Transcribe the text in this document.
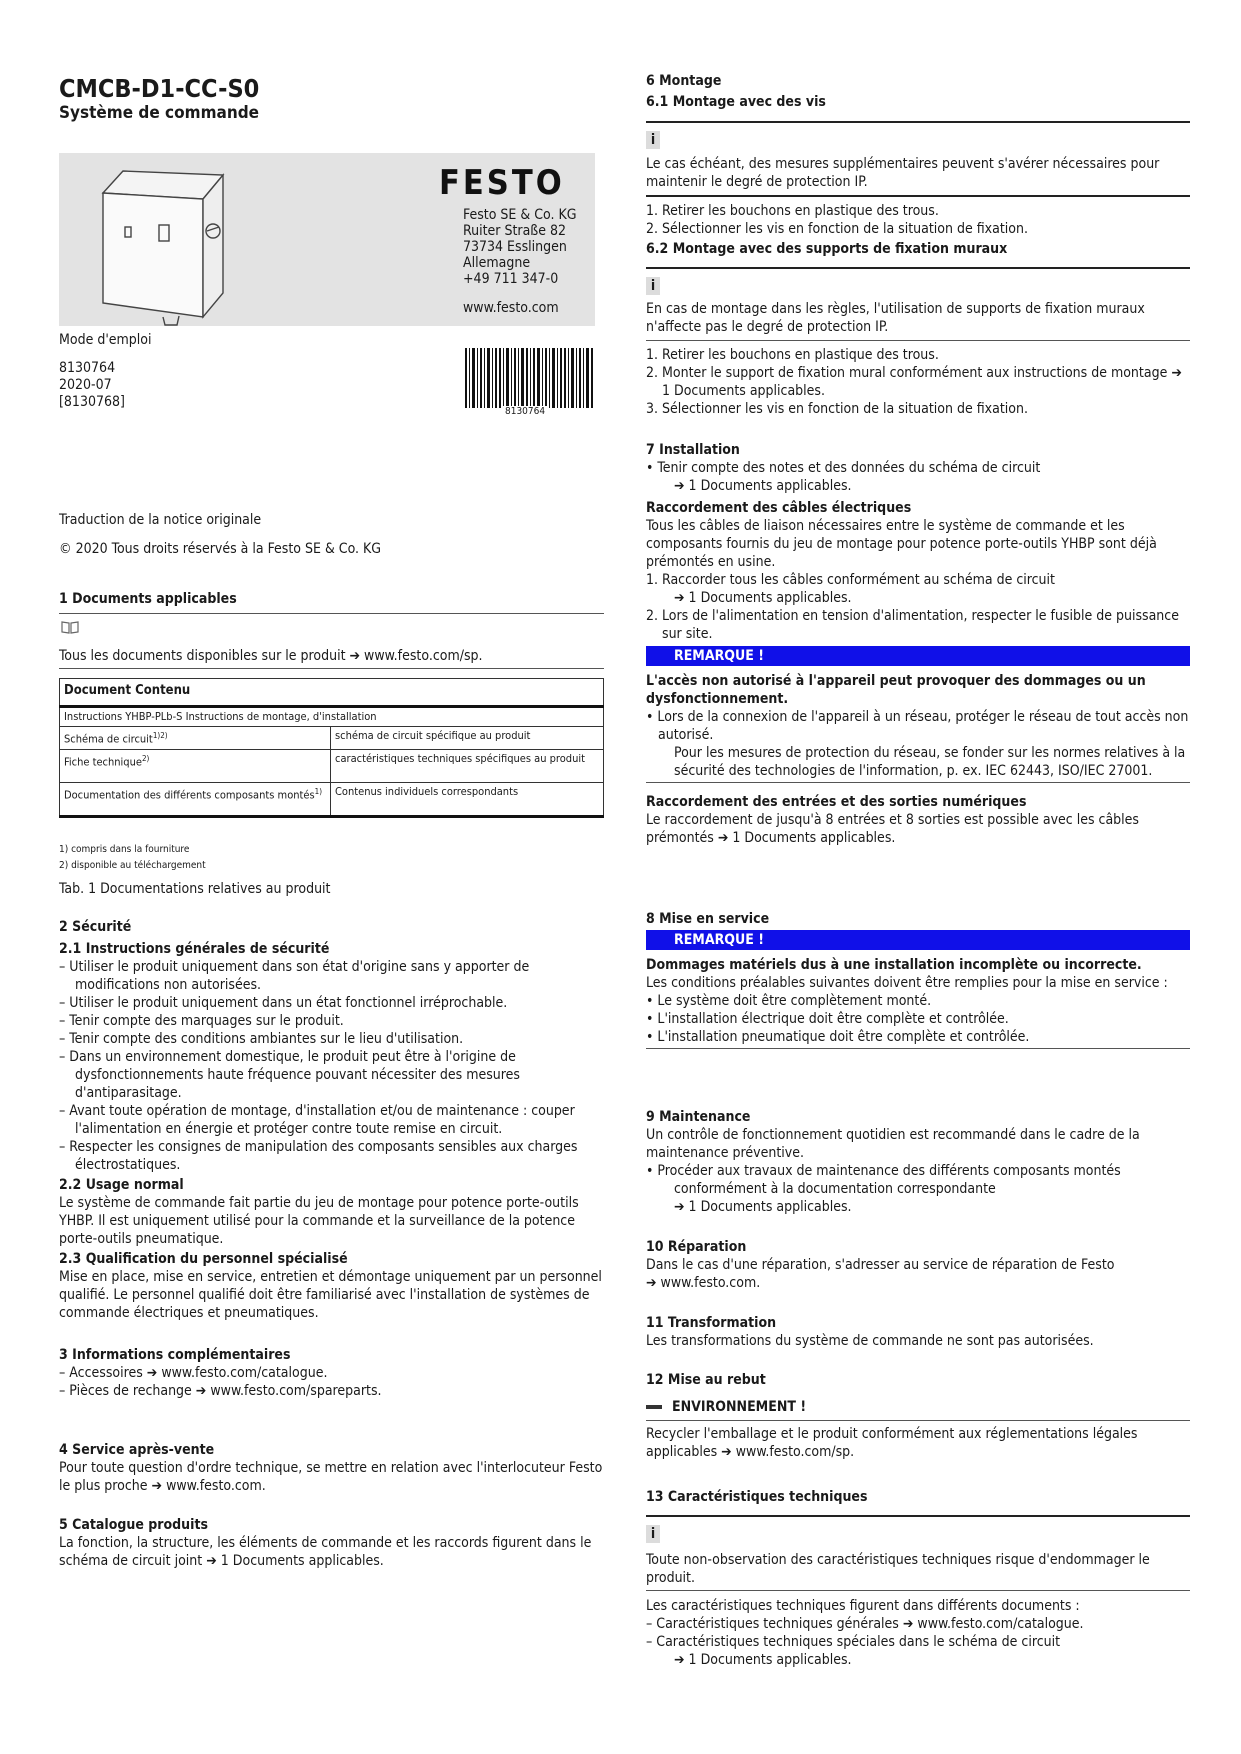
CMCB-D1-CC-S0
Système de commande
FESTO
Festo SE & Co. KG
Ruiter Straße 82
73734 Esslingen
Allemagne
+49 711 347-0
www.festo.com
Mode d'emploi
8130764
2020-07
[8130768]
8130764
Traduction de la notice originale
© 2020 Tous droits réservés à la Festo SE & Co. KG
1 Documents applicables
Tous les documents disponibles sur le produit ➔ www.festo.com/sp.
Document Contenu	
Instructions YHBP-PLb-S Instructions de montage, d'installation	
Schéma de circuit$^{1)2)}$	schéma de circuit spécifique au produit
Fiche technique$^{2)}$	caractéristiques techniques spécifiques au produit
Documentation des différents composants montés$^{1)}$	Contenus individuels correspondants
1) compris dans la fourniture
2) disponible au téléchargement
Tab. 1 Documentations relatives au produit
2 Sécurité
2.1 Instructions générales de sécurité
– Utiliser le produit uniquement dans son état d'origine sans y apporter de modifications non autorisées.
– Utiliser le produit uniquement dans un état fonctionnel irréprochable.
– Tenir compte des marquages sur le produit.
– Tenir compte des conditions ambiantes sur le lieu d'utilisation.
– Dans un environnement domestique, le produit peut être à l'origine de dysfonctionnements haute fréquence pouvant nécessiter des mesures d'antiparasitage.
– Avant toute opération de montage, d'installation et/ou de maintenance : couper l'alimentation en énergie et protéger contre toute remise en circuit.
– Respecter les consignes de manipulation des composants sensibles aux charges électrostatiques.
2.2 Usage normal
Le système de commande fait partie du jeu de montage pour potence porte-outils YHBP. Il est uniquement utilisé pour la commande et la surveillance de la potence porte-outils pneumatique.
2.3 Qualification du personnel spécialisé
Mise en place, mise en service, entretien et démontage uniquement par un personnel qualifié. Le personnel qualifié doit être familiarisé avec l'installation de systèmes de commande électriques et pneumatiques.
3 Informations complémentaires
– Accessoires ➔ www.festo.com/catalogue.
– Pièces de rechange ➔ www.festo.com/spareparts.
4 Service après-vente
Pour toute question d'ordre technique, se mettre en relation avec l'interlocuteur Festo le plus proche ➔ www.festo.com.
5 Catalogue produits
La fonction, la structure, les éléments de commande et les raccords figurent dans le schéma de circuit joint ➔ 1 Documents applicables.
6 Montage
6.1 Montage avec des vis
i
Le cas échéant, des mesures supplémentaires peuvent s'avérer nécessaires pour maintenir le degré de protection IP.
1. Retirer les bouchons en plastique des trous.
2. Sélectionner les vis en fonction de la situation de fixation.
6.2 Montage avec des supports de fixation muraux
i
En cas de montage dans les règles, l'utilisation de supports de fixation muraux n'affecte pas le degré de protection IP.
1. Retirer les bouchons en plastique des trous.
2. Monter le support de fixation mural conformément aux instructions de montage ➔ 1 Documents applicables.
3. Sélectionner les vis en fonction de la situation de fixation.
7 Installation
• Tenir compte des notes et des données du schéma de circuit
➔ 1 Documents applicables.
Raccordement des câbles électriques
Tous les câbles de liaison nécessaires entre le système de commande et les composants fournis du jeu de montage pour potence porte-outils YHBP sont déjà prémontés en usine.
1. Raccorder tous les câbles conformément au schéma de circuit
➔ 1 Documents applicables.
2. Lors de l'alimentation en tension d'alimentation, respecter le fusible de puissance sur site.
REMARQUE !
L'accès non autorisé à l'appareil peut provoquer des dommages ou un dysfonctionnement.
• Lors de la connexion de l'appareil à un réseau, protéger le réseau de tout accès non autorisé.
Pour les mesures de protection du réseau, se fonder sur les normes relatives à la sécurité des technologies de l'information, p. ex. IEC 62443, ISO/IEC 27001.
Raccordement des entrées et des sorties numériques
Le raccordement de jusqu'à 8 entrées et 8 sorties est possible avec les câbles prémontés ➔ 1 Documents applicables.
8 Mise en service
REMARQUE !
Dommages matériels dus à une installation incomplète ou incorrecte.
Les conditions préalables suivantes doivent être remplies pour la mise en service :
• Le système doit être complètement monté.
• L'installation électrique doit être complète et contrôlée.
• L'installation pneumatique doit être complète et contrôlée.
9 Maintenance
Un contrôle de fonctionnement quotidien est recommandé dans le cadre de la maintenance préventive.
• Procéder aux travaux de maintenance des différents composants montés
conformément à la documentation correspondante
➔ 1 Documents applicables.
10 Réparation
Dans le cas d'une réparation, s'adresser au service de réparation de Festo
➔ www.festo.com.
11 Transformation
Les transformations du système de commande ne sont pas autorisées.
12 Mise au rebut
ENVIRONNEMENT !
Recycler l'emballage et le produit conformément aux réglementations légales applicables ➔ www.festo.com/sp.
13 Caractéristiques techniques
i
Toute non-observation des caractéristiques techniques risque d'endommager le produit.
Les caractéristiques techniques figurent dans différents documents :
– Caractéristiques techniques générales ➔ www.festo.com/catalogue.
– Caractéristiques techniques spéciales dans le schéma de circuit
➔ 1 Documents applicables.
